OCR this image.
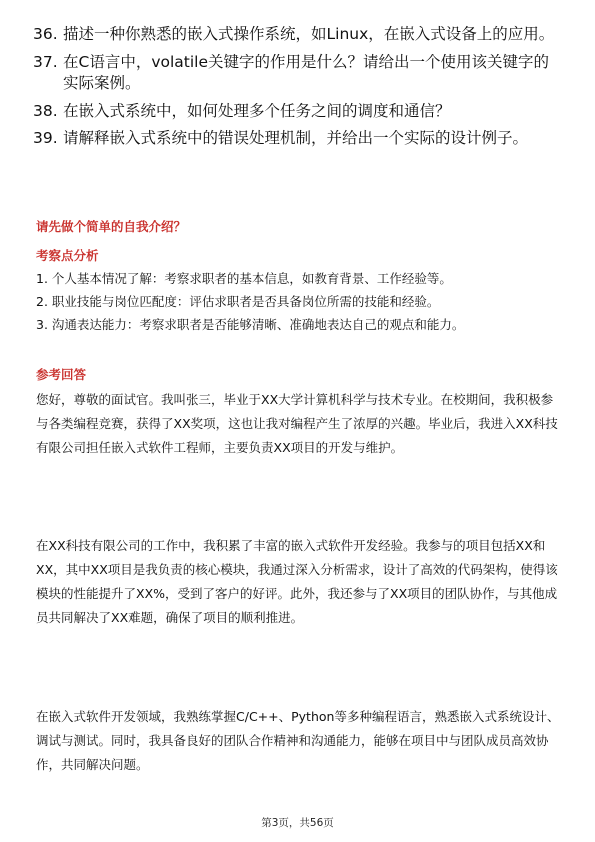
36. 描述一种你熟悉的嵌入式操作系统，如Linux，在嵌入式设备上的应用。
37. 在C语言中，volatile关键字的作用是什么？请给出一个使用该关键字的实际案例。
38. 在嵌入式系统中，如何处理多个任务之间的调度和通信？
39. 请解释嵌入式系统中的错误处理机制，并给出一个实际的设计例子。
请先做个简单的自我介绍？
考察点分析
1. 个人基本情况了解：考察求职者的基本信息，如教育背景、工作经验等。
2. 职业技能与岗位匹配度：评估求职者是否具备岗位所需的技能和经验。
3. 沟通表达能力：考察求职者是否能够清晰、准确地表达自己的观点和能力。
参考回答
您好，尊敬的面试官。我叫张三，毕业于XX大学计算机科学与技术专业。在校期间，我积极参与各类编程竞赛，获得了XX奖项，这也让我对编程产生了浓厚的兴趣。毕业后，我进入XX科技有限公司担任嵌入式软件工程师，主要负责XX项目的开发与维护。
在XX科技有限公司的工作中，我积累了丰富的嵌入式软件开发经验。我参与的项目包括XX和XX，其中XX项目是我负责的核心模块，我通过深入分析需求，设计了高效的代码架构，使得该模块的性能提升了XX%，受到了客户的好评。此外，我还参与了XX项目的团队协作，与其他成员共同解决了XX难题，确保了项目的顺利推进。
在嵌入式软件开发领域，我熟练掌握C/C++、Python等多种编程语言，熟悉嵌入式系统设计、调试与测试。同时，我具备良好的团队合作精神和沟通能力，能够在项目中与团队成员高效协作，共同解决问题。
第3页，共56页
